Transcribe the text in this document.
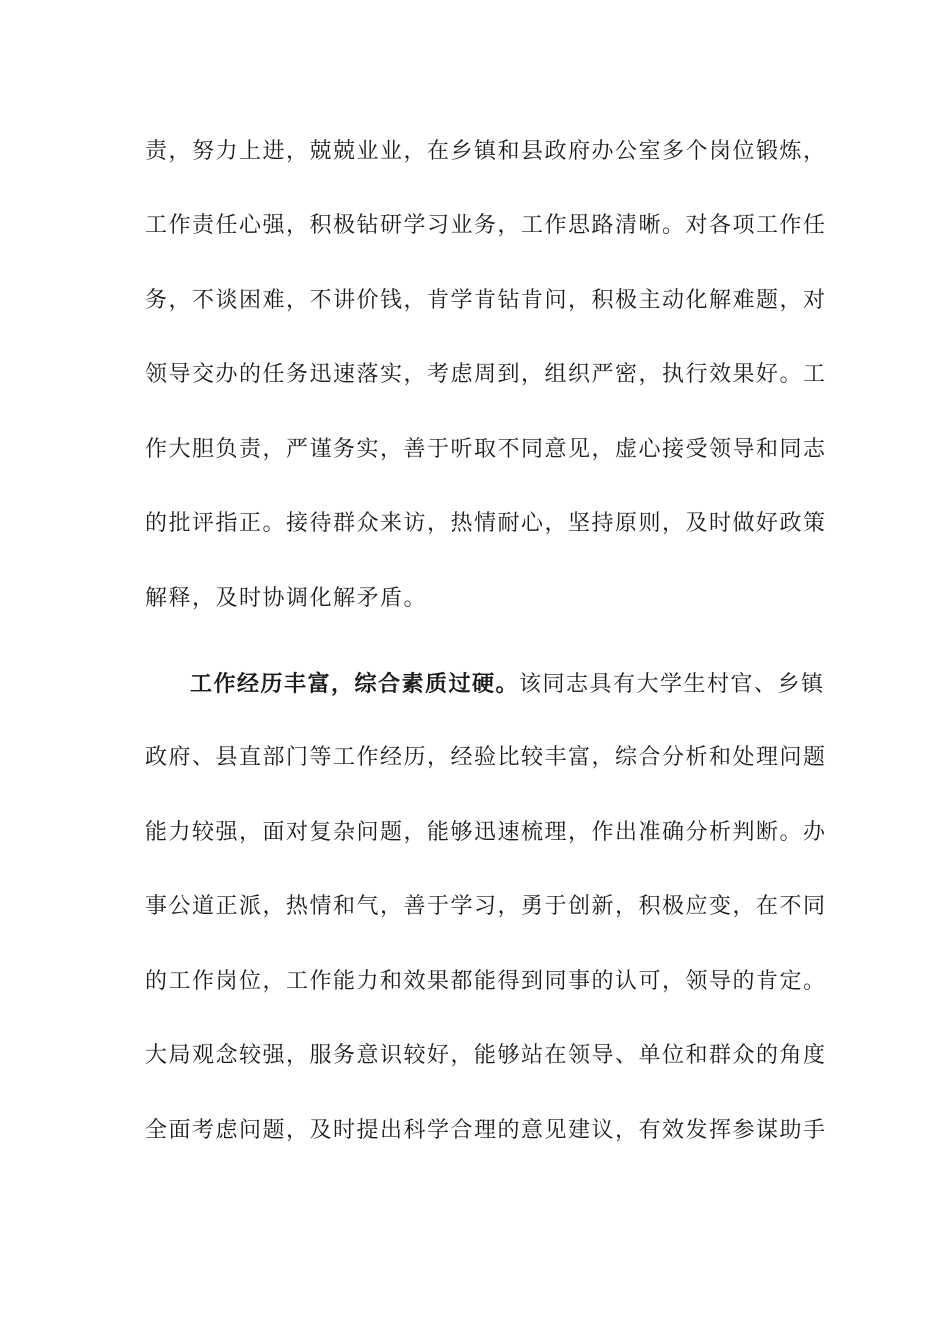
责，努力上进，兢兢业业，在乡镇和县政府办公室多个岗位锻炼，
工作责任心强，积极钻研学习业务，工作思路清晰。对各项工作任
务，不谈困难，不讲价钱，肯学肯钻肯问，积极主动化解难题，对
领导交办的任务迅速落实，考虑周到，组织严密，执行效果好。工
作大胆负责，严谨务实，善于听取不同意见，虚心接受领导和同志
的批评指正。接待群众来访，热情耐心，坚持原则，及时做好政策
解释，及时协调化解矛盾。
工作经历丰富，综合素质过硬。该同志具有大学生村官、乡镇
政府、县直部门等工作经历，经验比较丰富，综合分析和处理问题
能力较强，面对复杂问题，能够迅速梳理，作出准确分析判断。办
事公道正派，热情和气，善于学习，勇于创新，积极应变，在不同
的工作岗位，工作能力和效果都能得到同事的认可，领导的肯定。
大局观念较强，服务意识较好，能够站在领导、单位和群众的角度
全面考虑问题，及时提出科学合理的意见建议，有效发挥参谋助手
